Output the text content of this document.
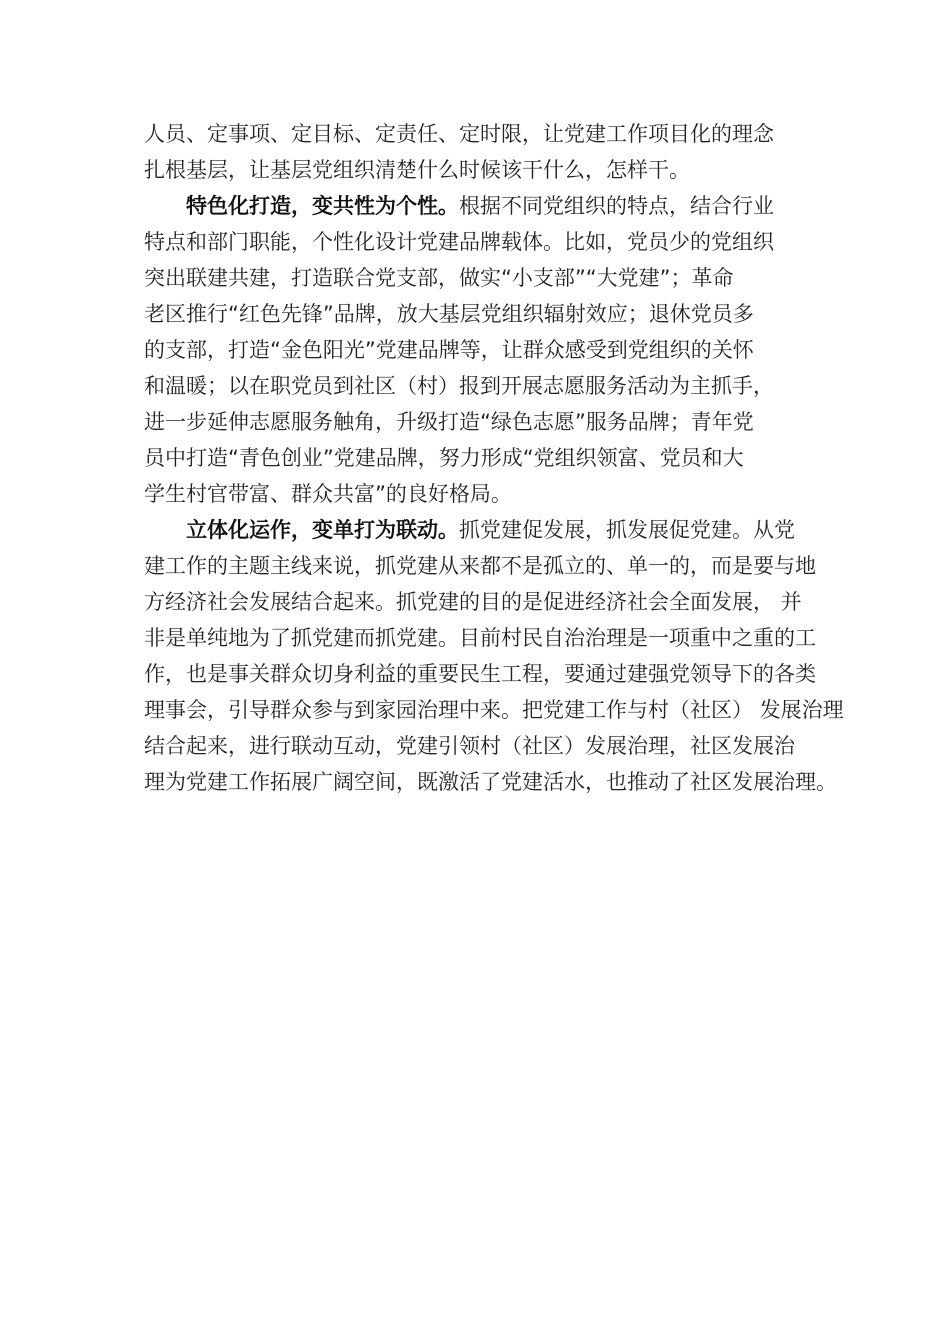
人员、定事项、定目标、定责任、定时限，让党建工作项目化的理念
扎根基层，让基层党组织清楚什么时候该干什么，怎样干。

特色化打造，变共性为个性。根据不同党组织的特点，结合行业
特点和部门职能，个性化设计党建品牌载体。比如，党员少的党组织
突出联建共建，打造联合党支部，做实“小支部”“大党建”；革命
老区推行“红色先锋”品牌，放大基层党组织辐射效应；退休党员多
的支部，打造“金色阳光”党建品牌等，让群众感受到党组织的关怀
和温暖；以在职党员到社区（村）报到开展志愿服务活动为主抓手，
进一步延伸志愿服务触角，升级打造“绿色志愿”服务品牌；青年党
员中打造“青色创业”党建品牌，努力形成“党组织领富、党员和大
学生村官带富、群众共富”的良好格局。

立体化运作，变单打为联动。抓党建促发展，抓发展促党建。从党
建工作的主题主线来说，抓党建从来都不是孤立的、单一的，而是要与地
方经济社会发展结合起来。抓党建的目的是促进经济社会全面发展， 并
非是单纯地为了抓党建而抓党建。目前村民自治治理是一项重中之重的工
作，也是事关群众切身利益的重要民生工程，要通过建强党领导下的各类
理事会，引导群众参与到家园治理中来。把党建工作与村（社区） 发展治理
结合起来，进行联动互动，党建引领村（社区）发展治理，社区发展治
理为党建工作拓展广阔空间，既激活了党建活水，也推动了社区发展治理。
